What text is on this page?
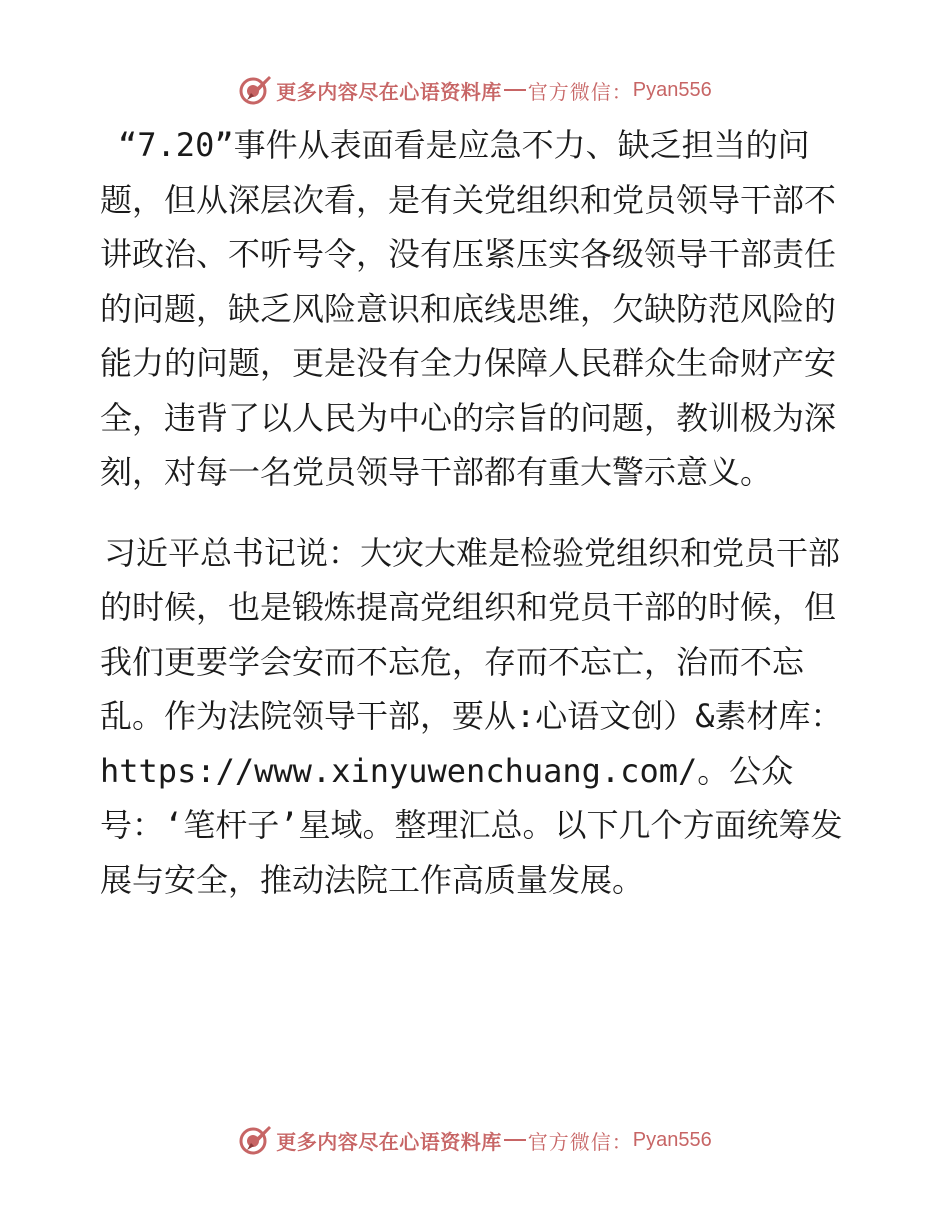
更多内容尽在心语资料库 官方微信： Pyan556

“7.20”事件从表面看是应急不力、缺乏担当的问题，但从深层次看，是有关党组织和党员领导干部不讲政治、不听号令，没有压紧压实各级领导干部责任的问题，缺乏风险意识和底线思维，欠缺防范风险的能力的问题，更是没有全力保障人民群众生命财产安全，违背了以人民为中心的宗旨的问题，教训极为深刻，对每一名党员领导干部都有重大警示意义。

习近平总书记说：大灾大难是检验党组织和党员干部的时候，也是锻炼提高党组织和党员干部的时候，但我们更要学会安而不忘危，存而不忘亡，治而不忘乱。作为法院领导干部，要从:心语文创）&素材库：https://www.xinyuwenchuang.com/。公众号：‘笔杆子’星域。整理汇总。以下几个方面统筹发展与安全，推动法院工作高质量发展。

更多内容尽在心语资料库 官方微信： Pyan556
